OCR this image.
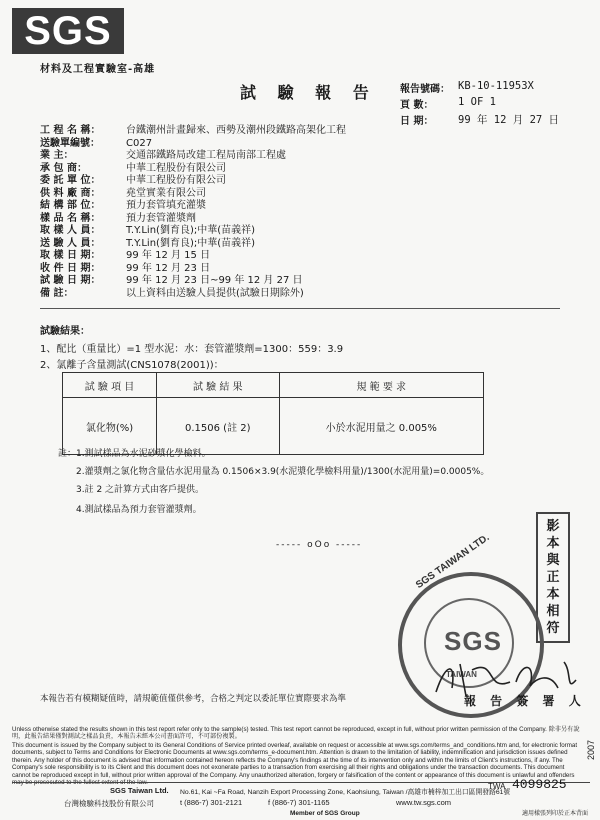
SGS
材料及工程實驗室-高雄
試 驗 報 告 報告號碼： KB-10-11953X
頁 數： 1 OF 1
日 期： 99 年 12 月 27 日
工 程 名 稱：	台鐵潮州計畫歸來、西勢及潮州段鐵路高架化工程
送驗單編號：	C027
業 主：	交通部鐵路局改建工程局南部工程處
承 包 商：	中華工程股份有限公司
委 託 單 位：	中華工程股份有限公司
供 料 廠 商：	堯堂實業有限公司
結 構 部 位：	預力套管填充灌漿
樣 品 名 稱：	預力套管灌漿劑
取 樣 人 員：	T.Y.Lin(劉育良);中華(苗義祥)
送 驗 人 員：	T.Y.Lin(劉育良);中華(苗義祥)
取 樣 日 期：	99 年 12 月 15 日
收 件 日 期：	99 年 12 月 23 日
試 驗 日 期：	99 年 12 月 23 日~99 年 12 月 27 日
備 註：	以上資料由送驗人員提供(試驗日期除外)
試驗結果：
1、配比（重量比）=1 型水泥：水：套管灌漿劑=1300：559：3.9
2、氯離子含量測試(CNS1078(2001))：
試 驗 項 目	試 驗 結 果	規 範 要 求
氯化物(%)	0.1506 (註 2)	小於水泥用量之 0.005%
註：1.測試樣品為水泥砂漿化學檢料。
2.灌漿劑之氯化物含量估水泥用量為 0.1506×3.9(水泥漿化學檢料用量)/1300(水泥用量)=0.0005%。
3.註 2 之計算方式由客戶提供。
4.測試樣品為預力套管灌漿劑。
----- oOo -----
影
本
與
正
本
相
符
SGS TAIWAN LTD.
SGS
TAIWAN
本報告若有模糊疑值時，請規範值僅供參考，合格之判定以委託單位實際要求為準	報 告 簽 署 人
Unless otherwise stated the results shown in this test report refer only to the sample(s) tested. This test report cannot be reproduced, except in full, without prior written permission of the Company. 除非另有說明，此報告結果僅對測試之樣品負責，本報告未經本公司書面許可，不可部份複製。
This document is issued by the Company subject to its General Conditions of Service printed overleaf, available on request or accessible at www.sgs.com/terms_and_conditions.htm and, for electronic format documents, subject to Terms and Conditions for Electronic Documents at www.sgs.com/terms_e-document.htm. Attention is drawn to the limitation of liability, indemnification and jurisdiction issues defined therein. Any holder of this document is advised that information contained hereon reflects the Company's findings at the time of its intervention only and within the limits of Client's instructions, if any. The Company's sole responsibility is to its Client and this document does not exonerate parties to a transaction from exercising all their rights and obligations under the transaction documents. This document cannot be reproduced except in full, without prior written approval of the Company. Any unauthorized alteration, forgery or falsification of the content or appearance of this document is unlawful and offenders may be prosecuted to the fullest extent of the law.
SGS Taiwan Ltd.
台灣檢驗科技股份有限公司
No.61, Kai ~Fa Road, Nanzih Export Processing Zone, Kaohsiung, Taiwan /高雄市楠梓加工出口區開發路61號
t (886-7) 301-2121	f (886-7) 301-1165	www.tw.sgs.com
Member of SGS Group
TWA 4099825
適用樣張列印於正本背面
2007
